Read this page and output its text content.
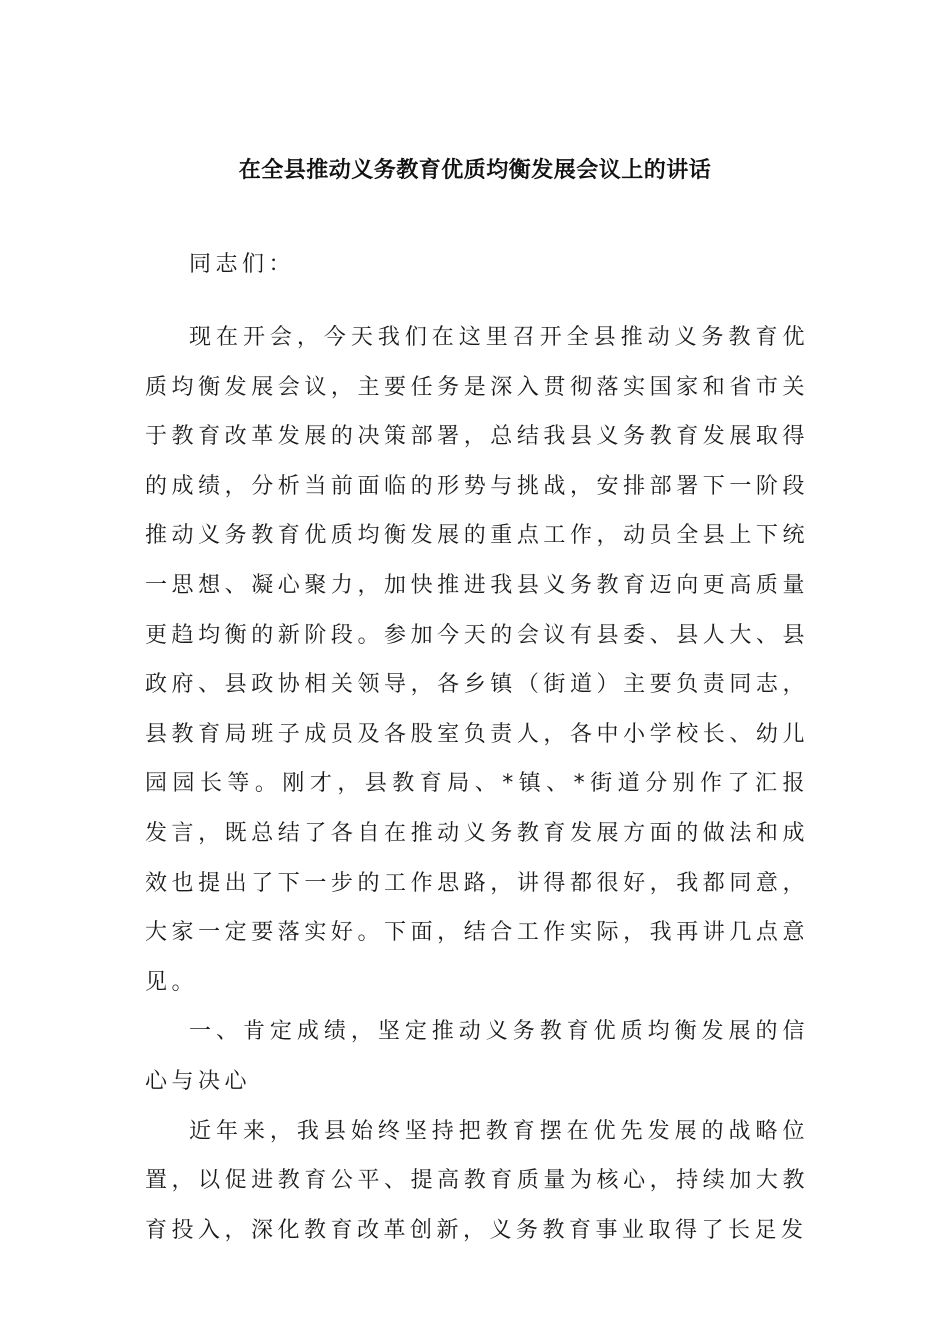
在全县推动义务教育优质均衡发展会议上的讲话

同志们：

现在开会，今天我们在这里召开全县推动义务教育优质均衡发展会议，主要任务是深入贯彻落实国家和省市关于教育改革发展的决策部署，总结我县义务教育发展取得的成绩，分析当前面临的形势与挑战，安排部署下一阶段推动义务教育优质均衡发展的重点工作，动员全县上下统一思想、凝心聚力，加快推进我县义务教育迈向更高质量更趋均衡的新阶段。参加今天的会议有县委、县人大、县政府、县政协相关领导，各乡镇（街道）主要负责同志，县教育局班子成员及各股室负责人，各中小学校长、幼儿园园长等。刚才，县教育局、*镇、*街道分别作了汇报发言，既总结了各自在推动义务教育发展方面的做法和成效也提出了下一步的工作思路，讲得都很好，我都同意，大家一定要落实好。下面，结合工作实际，我再讲几点意见。

一、肯定成绩，坚定推动义务教育优质均衡发展的信心与决心

近年来，我县始终坚持把教育摆在优先发展的战略位置，以促进教育公平、提高教育质量为核心，持续加大教育投入，深化教育改革创新，义务教育事业取得了长足发
